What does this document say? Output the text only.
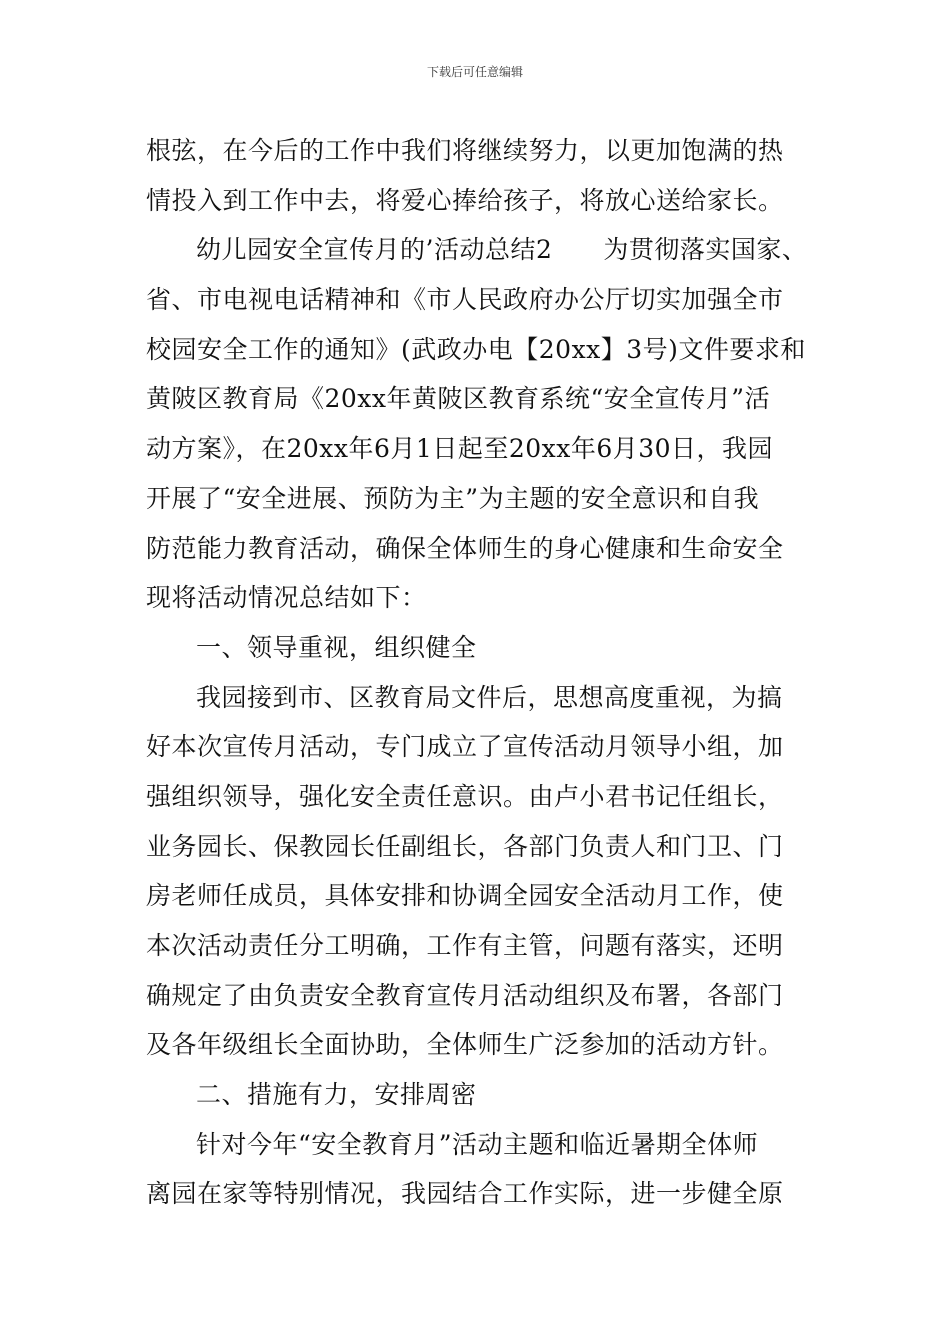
下载后可任意编辑
根弦，在今后的工作中我们将继续努力，以更加饱满的热
情投入到工作中去，将爱心捧给孩子，将放心送给家长。
幼儿园安全宣传月的’活动总结2　　为贯彻落实国家、
省、市电视电话精神和《市人民政府办公厅切实加强全市
校园安全工作的通知》(武政办电【20xx】3号)文件要求和
黄陂区教育局《20xx年黄陂区教育系统“安全宣传月”活
动方案》，在20xx年6月1日起至20xx年6月30日，我园
开展了“安全进展、预防为主”为主题的安全意识和自我
防范能力教育活动，确保全体师生的身心健康和生命安全
现将活动情况总结如下：
一、领导重视，组织健全
我园接到市、区教育局文件后，思想高度重视，为搞
好本次宣传月活动，专门成立了宣传活动月领导小组，加
强组织领导，强化安全责任意识。由卢小君书记任组长，
业务园长、保教园长任副组长，各部门负责人和门卫、门
房老师任成员，具体安排和协调全园安全活动月工作，使
本次活动责任分工明确，工作有主管，问题有落实，还明
确规定了由负责安全教育宣传月活动组织及布署，各部门
及各年级组长全面协助，全体师生广泛参加的活动方针。
二、措施有力，安排周密
针对今年“安全教育月”活动主题和临近暑期全体师
离园在家等特别情况，我园结合工作实际，进一步健全原
